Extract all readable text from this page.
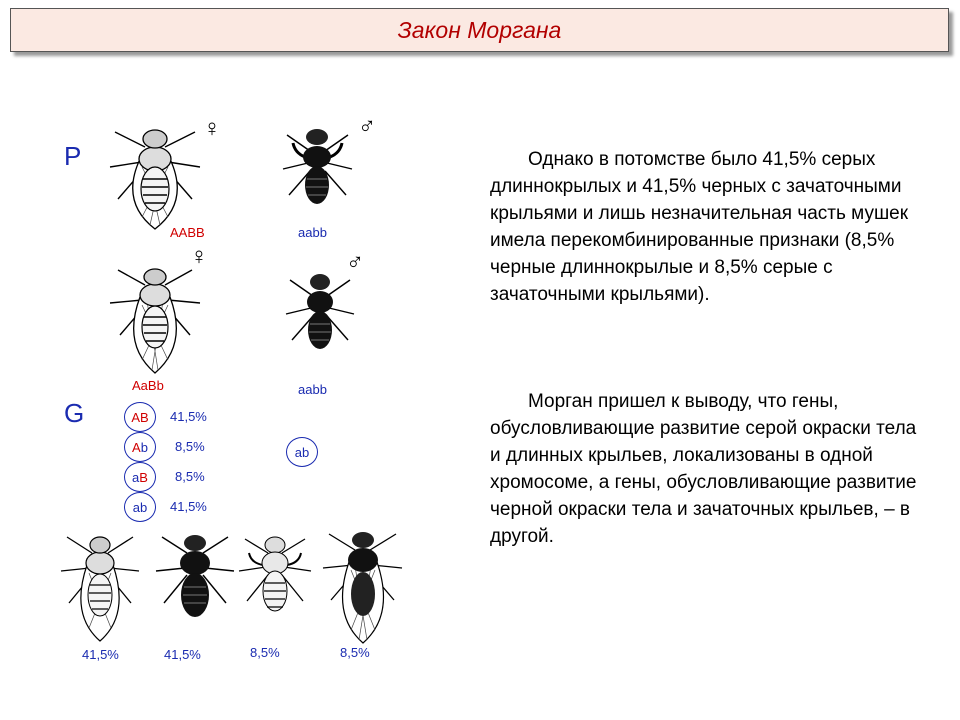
Закон Моргана

Однако в потомстве было 41,5% серых длиннокрылых и 41,5% черных с зачаточными крыльями и лишь незначительная часть мушек имела перекомбинированные признаки (8,5% черные длиннокрылые и 8,5% серые с зачаточными крыльями).

Морган пришел к выводу, что гены, обусловливающие развитие серой окраски тела и длинных крыльев, локализованы в одной хромосоме, а гены, обусловливающие развитие черной окраски тела и зачаточных крыльев, – в другой.

P
♀
AABB
♂
aabb
♀
AaBb
♂
aabb
G	A B 41,5%
A b 8,5%
a B 8,5%
a b 41,5%
ab
41,5%	41,5%	8,5%	8,5%
